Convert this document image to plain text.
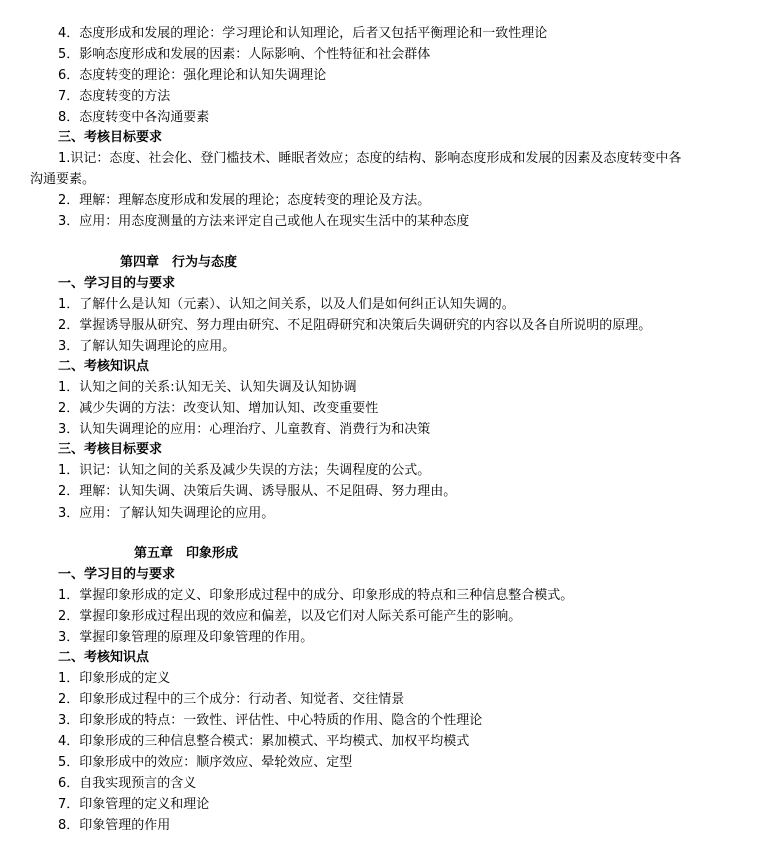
4．态度形成和发展的理论：学习理论和认知理论，后者又包括平衡理论和一致性理论
5．影响态度形成和发展的因素：人际影响、个性特征和社会群体
6．态度转变的理论：强化理论和认知失调理论
7．态度转变的方法
8．态度转变中各沟通要素
三、考核目标要求
1.识记：态度、社会化、登门槛技术、睡眠者效应；态度的结构、影响态度形成和发展的因素及态度转变中各
沟通要素。
2．理解：理解态度形成和发展的理论；态度转变的理论及方法。
3．应用：用态度测量的方法来评定自己或他人在现实生活中的某种态度
第四章　行为与态度
一、学习目的与要求
1．了解什么是认知（元素）、认知之间关系，以及人们是如何纠正认知失调的。
2．掌握诱导服从研究、努力理由研究、不足阻碍研究和决策后失调研究的内容以及各自所说明的原理。
3．了解认知失调理论的应用。
二、考核知识点
1．认知之间的关系:认知无关、认知失调及认知协调
2．减少失调的方法：改变认知、增加认知、改变重要性
3．认知失调理论的应用：心理治疗、儿童教育、消费行为和决策
三、考核目标要求
1．识记：认知之间的关系及减少失误的方法；失调程度的公式。
2．理解：认知失调、决策后失调、诱导服从、不足阻碍、努力理由。
3．应用：了解认知失调理论的应用。
第五章　印象形成
一、学习目的与要求
1．掌握印象形成的定义、印象形成过程中的成分、印象形成的特点和三种信息整合模式。
2．掌握印象形成过程出现的效应和偏差，以及它们对人际关系可能产生的影响。
3．掌握印象管理的原理及印象管理的作用。
二、考核知识点
1．印象形成的定义
2．印象形成过程中的三个成分：行动者、知觉者、交往情景
3．印象形成的特点：一致性、评估性、中心特质的作用、隐含的个性理论
4．印象形成的三种信息整合模式：累加模式、平均模式、加权平均模式
5．印象形成中的效应：顺序效应、晕轮效应、定型
6．自我实现预言的含义
7．印象管理的定义和理论
8．印象管理的作用
